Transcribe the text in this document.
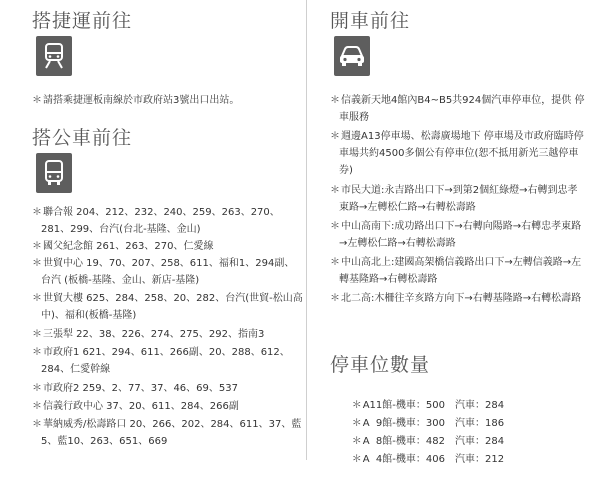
搭捷運前往
＊請搭乘捷運板南線於市政府站3號出口出站。
搭公車前往
＊聯合報 204、212、232、240、259、263、270、281、299、台汽(台北-基隆、金山)
＊國父紀念館 261、263、270、仁愛線
＊世貿中心 19、70、207、258、611、福和1、294副、台汽 (板橋-基隆、金山、新店-基隆)
＊世貿大樓 625、284、258、20、282、台汽(世貿-松山高中)、福和(板橋-基隆)
＊三張犁 22、38、226、274、275、292、指南3
＊市政府1 621、294、611、266副、20、288、612、284、仁愛幹線
＊市政府2 259、2、77、37、46、69、537
＊信義行政中心 37、20、611、284、266副
＊華納威秀/松壽路口 20、266、202、284、611、37、藍5、藍10、263、651、669
開車前往
＊信義新天地4館內B4~B5共924個汽車停車位，提供 停車服務
＊週邊A13停車場、松壽廣場地下 停車場及市政府臨時停車場共約4500多個公有停車位(恕不抵用新光三越停車券)
＊市民大道:永吉路出口下→到第2個紅綠燈→右轉到忠孝東路→左轉松仁路→右轉松壽路
＊中山高南下:成功路出口下→右轉向陽路→右轉忠孝東路→左轉松仁路→右轉松壽路
＊中山高北上:建國高架橋信義路出口下→左轉信義路→左轉基隆路→右轉松壽路
＊北二高:木柵往辛亥路方向下→右轉基隆路→右轉松壽路
停車位數量

＊A11館-機車：500　汽車：284

＊A  9館-機車：300　汽車：186

＊A  8館-機車：482　汽車：284

＊A  4館-機車：406　汽車：212
